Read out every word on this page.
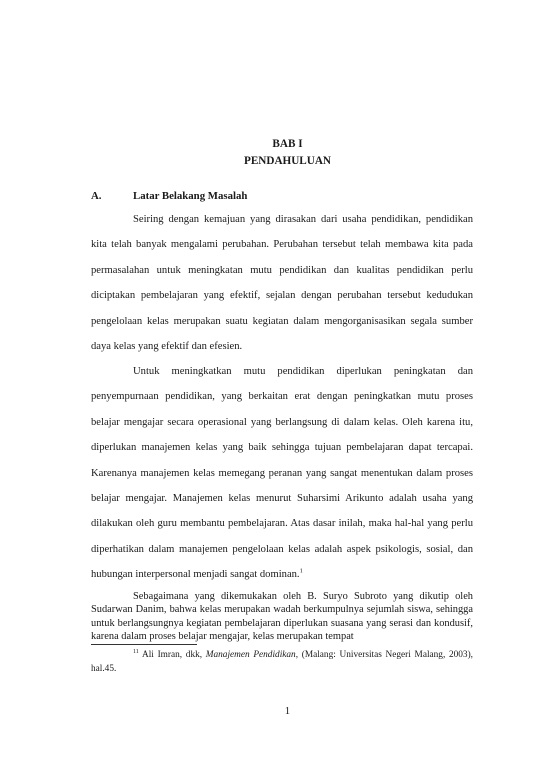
BAB I
PENDAHULUAN
A.	Latar Belakang Masalah

Seiring dengan kemajuan yang dirasakan dari usaha pendidikan, pendidikan kita telah banyak mengalami perubahan. Perubahan tersebut telah membawa kita pada permasalahan untuk meningkatan mutu pendidikan dan kualitas pendidikan perlu diciptakan pembelajaran yang efektif, sejalan dengan perubahan tersebut kedudukan pengelolaan kelas merupakan suatu kegiatan dalam mengorganisasikan segala sumber daya kelas yang efektif dan efesien.

Untuk meningkatkan mutu pendidikan diperlukan peningkatan dan penyempurnaan pendidikan, yang berkaitan erat dengan peningkatkan mutu proses belajar mengajar secara operasional yang berlangsung di dalam kelas. Oleh karena itu, diperlukan manajemen kelas yang baik sehingga tujuan pembelajaran dapat tercapai. Karenanya manajemen kelas memegang peranan yang sangat menentukan dalam proses belajar mengajar. Manajemen kelas menurut Suharsimi Arikunto adalah usaha yang dilakukan oleh guru membantu pembelajaran. Atas dasar inilah, maka hal-hal yang perlu diperhatikan dalam manajemen pengelolaan kelas adalah aspek psikologis, sosial, dan hubungan interpersonal menjadi sangat dominan.$^1$

Sebagaimana yang dikemukakan oleh B. Suryo Subroto yang dikutip oleh Sudarwan Danim, bahwa kelas merupakan wadah berkumpulnya sejumlah siswa, sehingga untuk berlangsungnya kegiatan pembelajaran diperlukan suasana yang serasi dan kondusif, karena dalam proses belajar mengajar, kelas merupakan tempat

$^{11}$ Ali Imran, dkk, Manajemen Pendidikan, (Malang: Universitas Negeri Malang, 2003), hal.45.

1
